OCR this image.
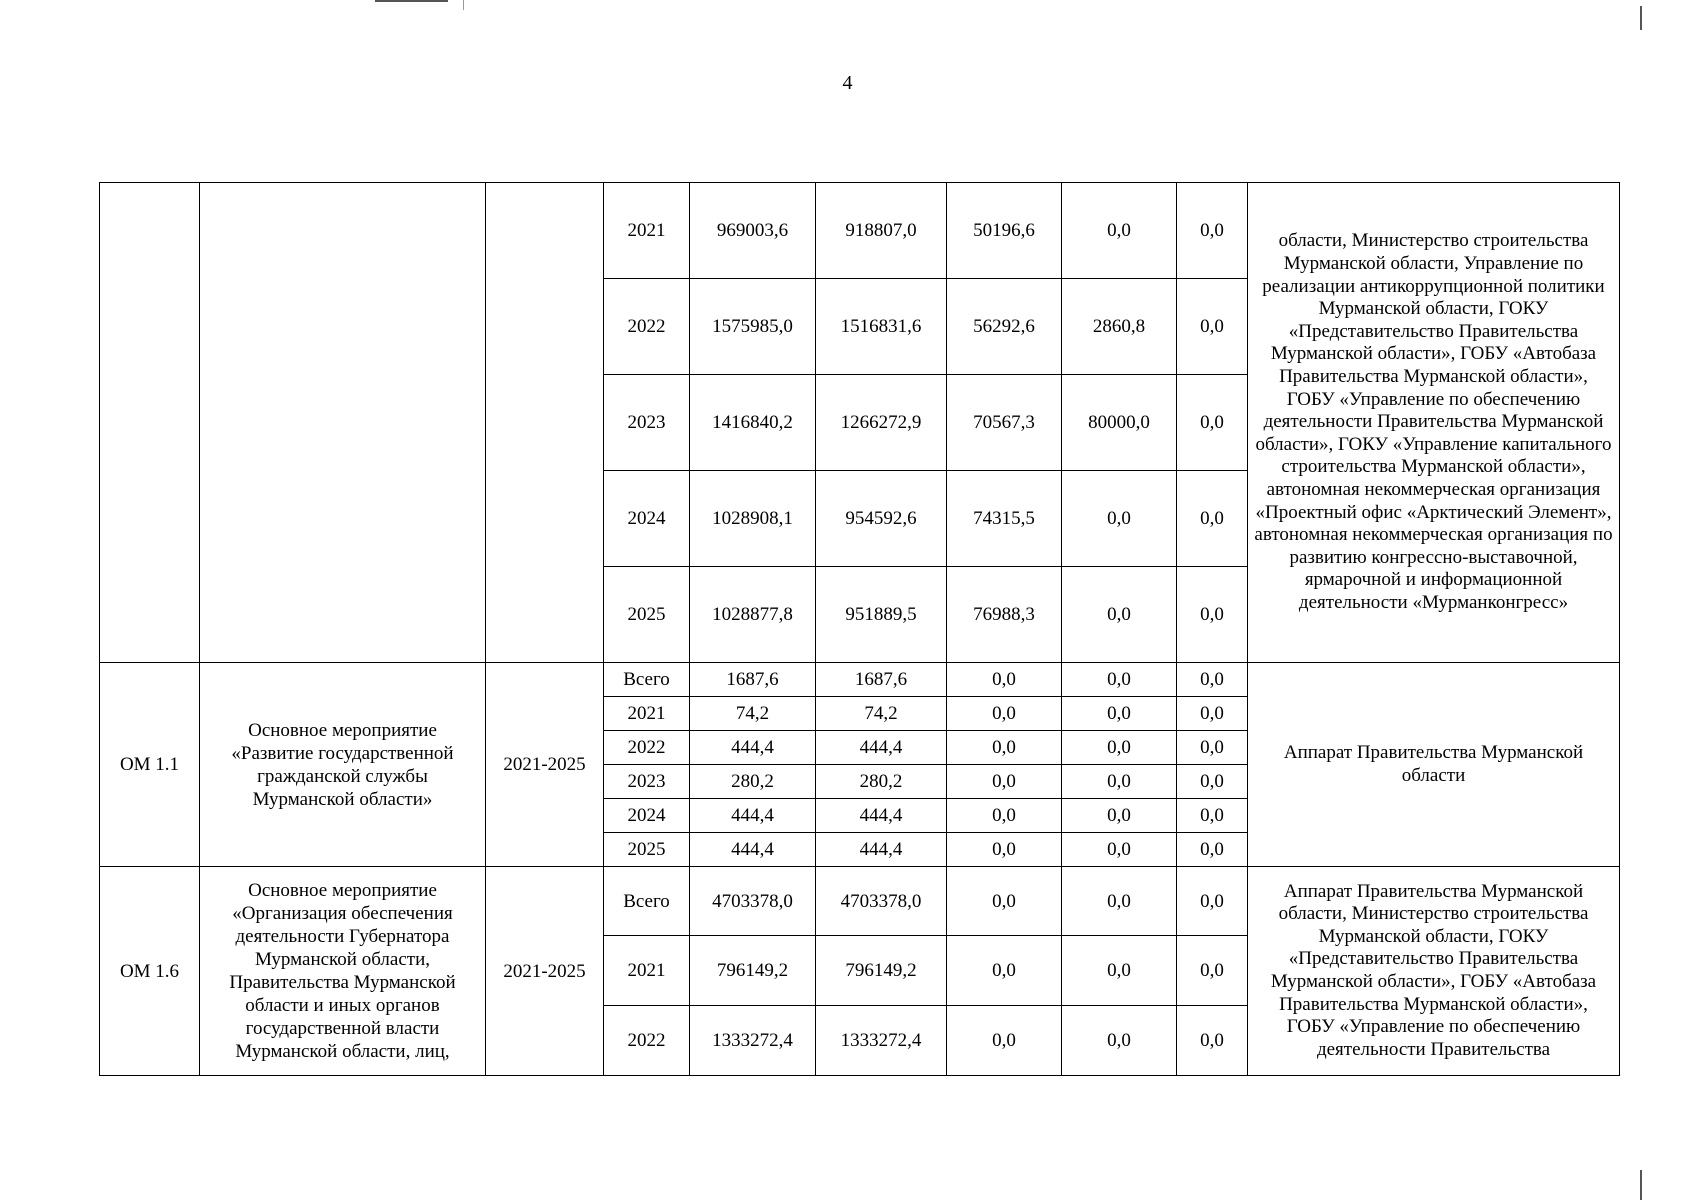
4
			2021	969003,6	918807,0	50196,6	0,0	0,0	области, Министерство строительства Мурманской области, Управление по реализации антикоррупционной политики Мурманской области, ГОКУ «Представительство Правительства Мурманской области», ГОБУ «Автобаза Правительства Мурманской области», ГОБУ «Управление по обеспечению деятельности Правительства Мурманской области», ГОКУ «Управление капитального строительства Мурманской области», автономная некоммерческая организация «Проектный офис «Арктический Элемент», автономная некоммерческая организация по развитию конгрессно-выставочной, ярмарочной и информационной деятельности «Мурманконгресс»
			2022	1575985,0	1516831,6	56292,6	2860,8	0,0	
			2023	1416840,2	1266272,9	70567,3	80000,0	0,0	
			2024	1028908,1	954592,6	74315,5	0,0	0,0	
			2025	1028877,8	951889,5	76988,3	0,0	0,0	
ОМ 1.1	Основное мероприятие «Развитие государственной гражданской службы Мурманской области»	2021-2025	Всего	1687,6	1687,6	0,0	0,0	0,0	Аппарат Правительства Мурманской области
			2021	74,2	74,2	0,0	0,0	0,0	
			2022	444,4	444,4	0,0	0,0	0,0	
			2023	280,2	280,2	0,0	0,0	0,0	
			2024	444,4	444,4	0,0	0,0	0,0	
			2025	444,4	444,4	0,0	0,0	0,0	
ОМ 1.6	Основное мероприятие «Организация обеспечения деятельности Губернатора Мурманской области, Правительства Мурманской области и иных органов государственной власти Мурманской области, лиц,	2021-2025	Всего	4703378,0	4703378,0	0,0	0,0	0,0	Аппарат Правительства Мурманской области, Министерство строительства Мурманской области, ГОКУ «Представительство Правительства Мурманской области», ГОБУ «Автобаза Правительства Мурманской области», ГОБУ «Управление по обеспечению деятельности Правительства
			2021	796149,2	796149,2	0,0	0,0	0,0	
			2022	1333272,4	1333272,4	0,0	0,0	0,0	
